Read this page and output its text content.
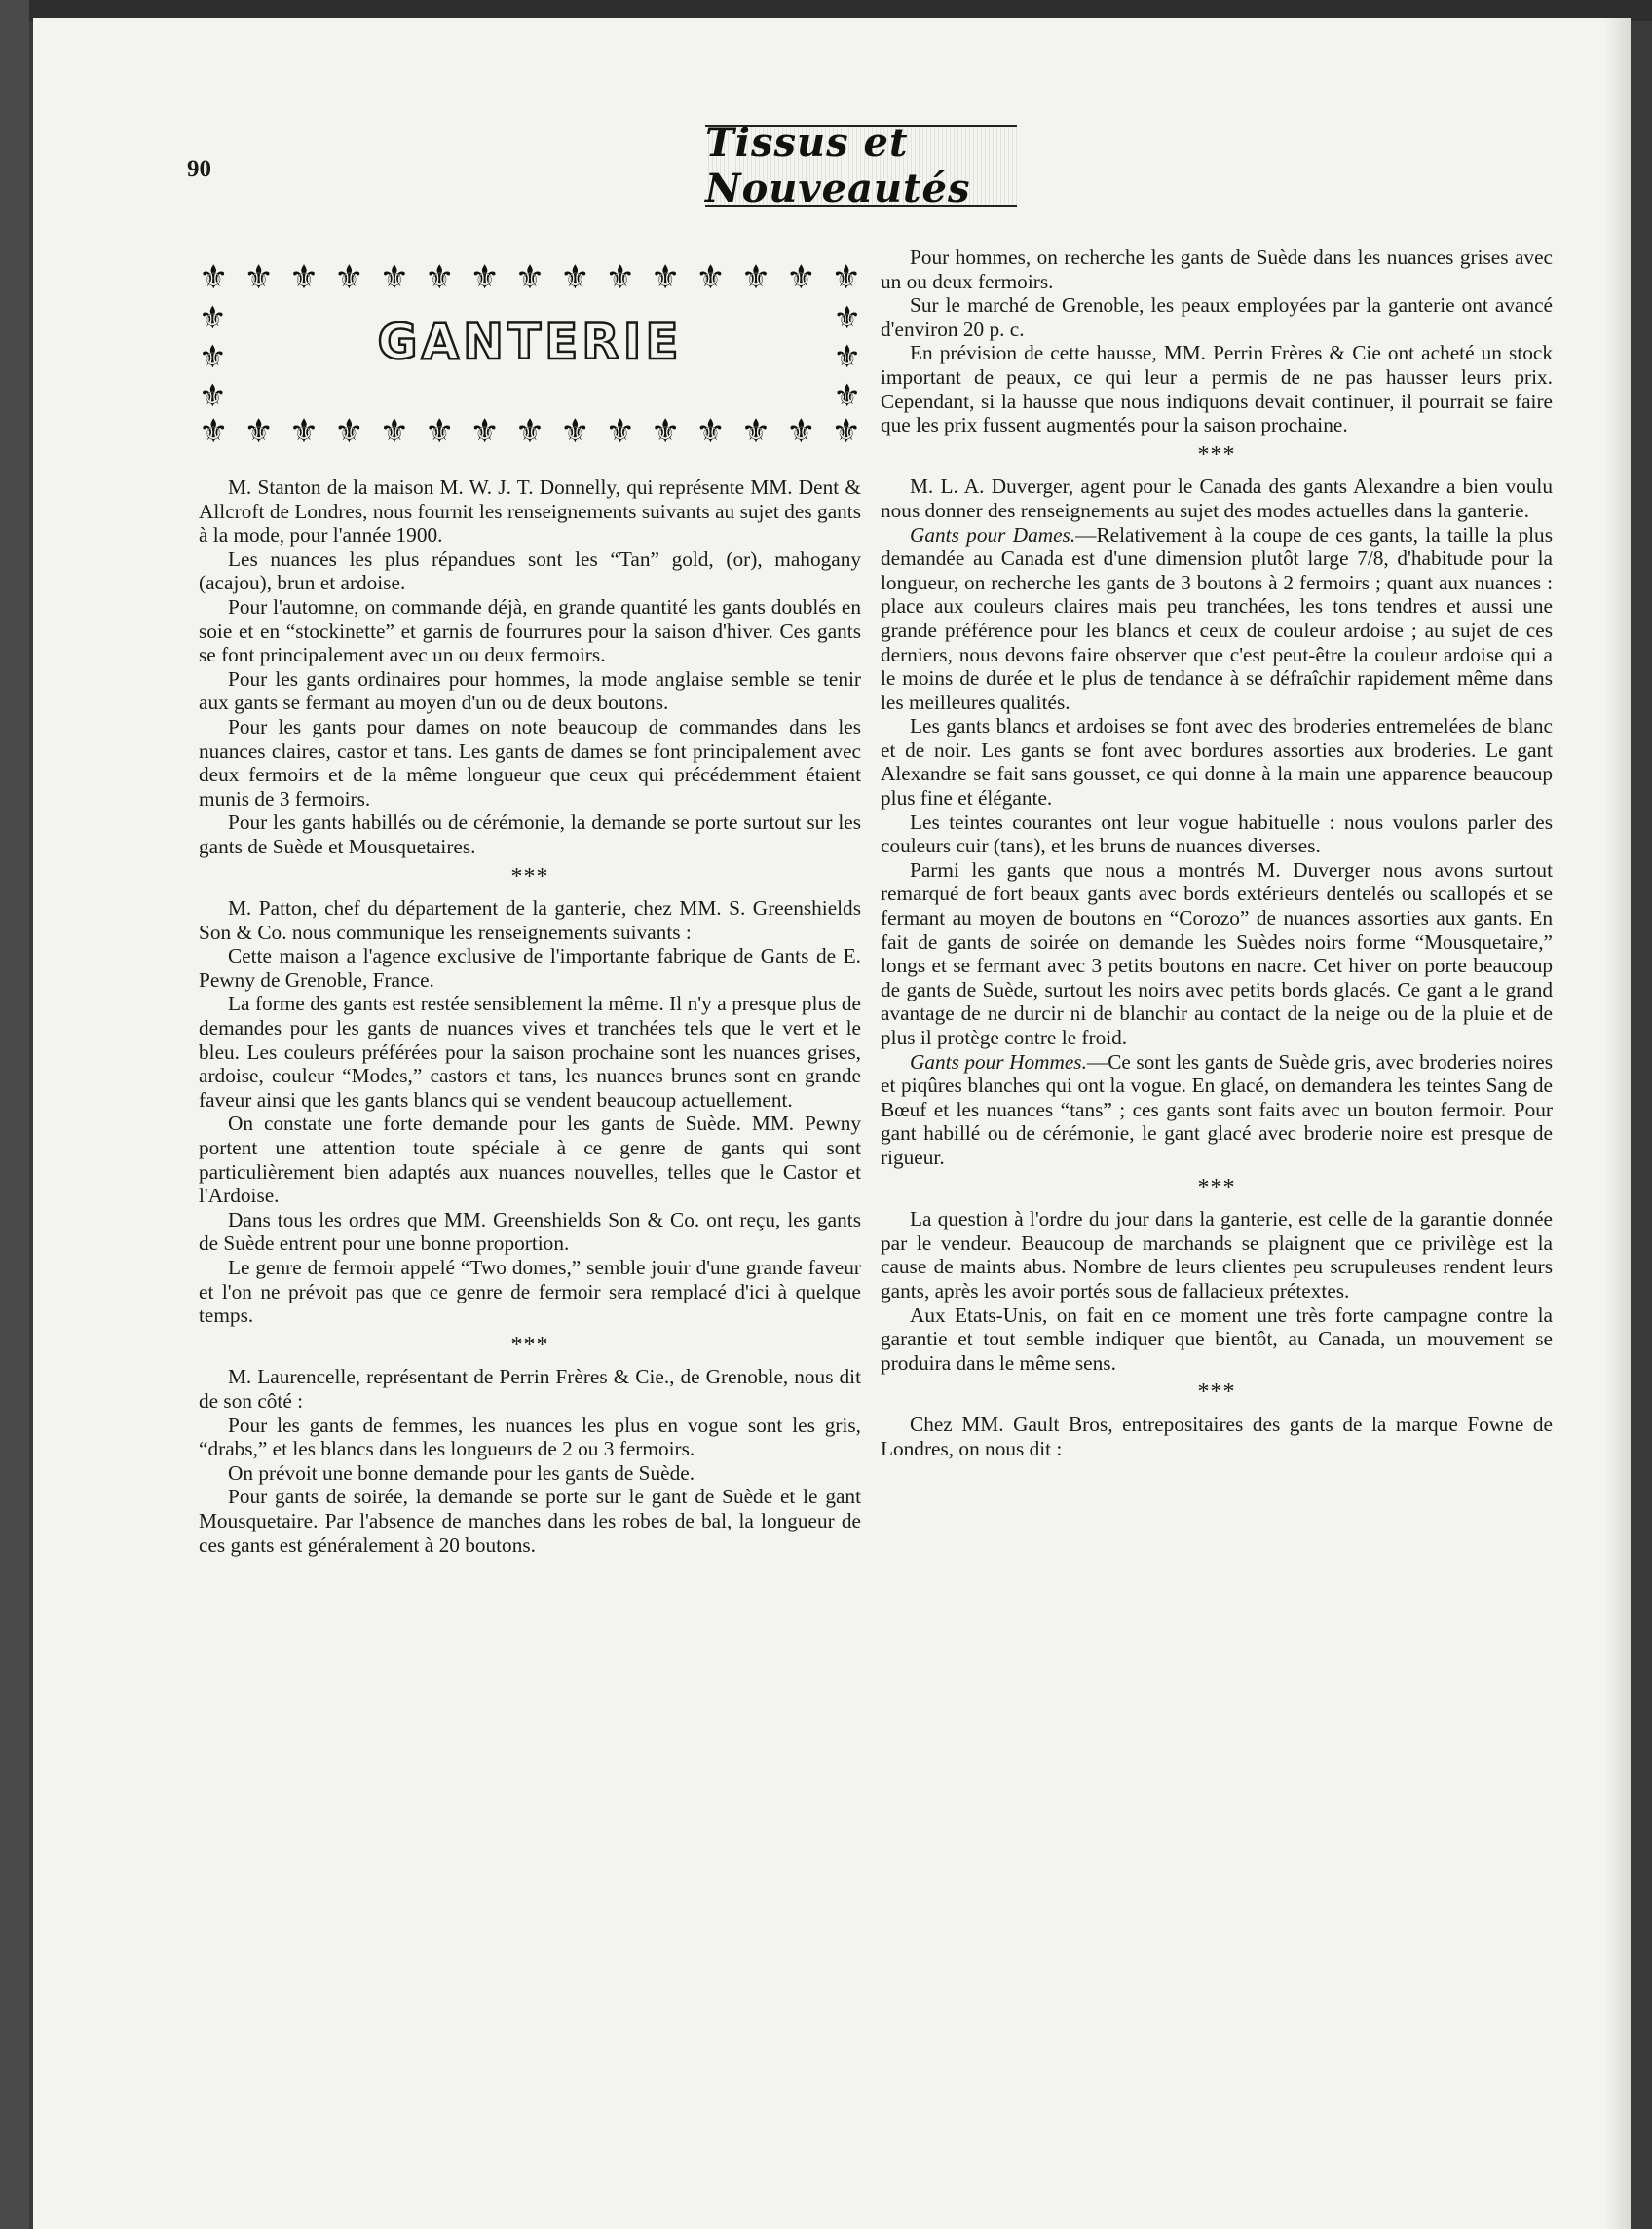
90
Tissus et Nouveautés
⚜ ⚜ ⚜ ⚜ ⚜ ⚜ ⚜ ⚜ ⚜ ⚜ ⚜ ⚜ ⚜ ⚜ ⚜
⚜
⚜
⚜
GANTERIE	⚜
⚜
⚜
⚜ ⚜ ⚜ ⚜ ⚜ ⚜ ⚜ ⚜ ⚜ ⚜ ⚜ ⚜ ⚜ ⚜ ⚜

M. Stanton de la maison M. W. J. T. Donnelly, qui représente MM. Dent & Allcroft de Londres, nous fournit les renseignements suivants au sujet des gants à la mode, pour l'année 1900.

Les nuances les plus répandues sont les “Tan” gold, (or), mahogany (acajou), brun et ardoise.

Pour l'automne, on commande déjà, en grande quantité les gants doublés en soie et en “stockinette” et garnis de fourrures pour la saison d'hiver. Ces gants se font principalement avec un ou deux fermoirs.

Pour les gants ordinaires pour hommes, la mode anglaise semble se tenir aux gants se fermant au moyen d'un ou de deux boutons.

Pour les gants pour dames on note beaucoup de commandes dans les nuances claires, castor et tans. Les gants de dames se font principalement avec deux fermoirs et de la même longueur que ceux qui précédemment étaient munis de 3 fermoirs.

Pour les gants habillés ou de cérémonie, la demande se porte surtout sur les gants de Suède et Mousquetaires.

***

M. Patton, chef du département de la ganterie, chez MM. S. Greenshields Son & Co. nous communique les renseignements suivants :

Cette maison a l'agence exclusive de l'importante fabrique de Gants de E. Pewny de Grenoble, France.

La forme des gants est restée sensiblement la même. Il n'y a presque plus de demandes pour les gants de nuances vives et tranchées tels que le vert et le bleu. Les couleurs préférées pour la saison prochaine sont les nuances grises, ardoise, couleur “Modes,” castors et tans, les nuances brunes sont en grande faveur ainsi que les gants blancs qui se vendent beaucoup actuellement.

On constate une forte demande pour les gants de Suède. MM. Pewny portent une attention toute spéciale à ce genre de gants qui sont particulièrement bien adaptés aux nuances nouvelles, telles que le Castor et l'Ardoise.

Dans tous les ordres que MM. Greenshields Son & Co. ont reçu, les gants de Suède entrent pour une bonne proportion.

Le genre de fermoir appelé “Two domes,” semble jouir d'une grande faveur et l'on ne prévoit pas que ce genre de fermoir sera remplacé d'ici à quelque temps.

***

M. Laurencelle, représentant de Perrin Frères & Cie., de Grenoble, nous dit de son côté :

Pour les gants de femmes, les nuances les plus en vogue sont les gris, “drabs,” et les blancs dans les longueurs de 2 ou 3 fermoirs.

On prévoit une bonne demande pour les gants de Suède.

Pour gants de soirée, la demande se porte sur le gant de Suède et le gant Mousquetaire. Par l'absence de manches dans les robes de bal, la longueur de ces gants est généralement à 20 boutons.

Pour hommes, on recherche les gants de Suède dans les nuances grises avec un ou deux fermoirs.

Sur le marché de Grenoble, les peaux employées par la ganterie ont avancé d'environ 20 p. c.

En prévision de cette hausse, MM. Perrin Frères & Cie ont acheté un stock important de peaux, ce qui leur a permis de ne pas hausser leurs prix. Cependant, si la hausse que nous indiquons devait continuer, il pourrait se faire que les prix fussent augmentés pour la saison prochaine.

***

M. L. A. Duverger, agent pour le Canada des gants Alexandre a bien voulu nous donner des renseignements au sujet des modes actuelles dans la ganterie.

Gants pour Dames.—Relativement à la coupe de ces gants, la taille la plus demandée au Canada est d'une dimension plutôt large 7/8, d'habitude pour la longueur, on recherche les gants de 3 boutons à 2 fermoirs ; quant aux nuances : place aux couleurs claires mais peu tranchées, les tons tendres et aussi une grande préférence pour les blancs et ceux de couleur ardoise ; au sujet de ces derniers, nous devons faire observer que c'est peut-être la couleur ardoise qui a le moins de durée et le plus de tendance à se défraîchir rapidement même dans les meilleures qualités.

Les gants blancs et ardoises se font avec des broderies entremelées de blanc et de noir. Les gants se font avec bordures assorties aux broderies. Le gant Alexandre se fait sans gousset, ce qui donne à la main une apparence beaucoup plus fine et élégante.

Les teintes courantes ont leur vogue habituelle : nous voulons parler des couleurs cuir (tans), et les bruns de nuances diverses.

Parmi les gants que nous a montrés M. Duverger nous avons surtout remarqué de fort beaux gants avec bords extérieurs dentelés ou scallopés et se fermant au moyen de boutons en “Corozo” de nuances assorties aux gants. En fait de gants de soirée on demande les Suèdes noirs forme “Mousquetaire,” longs et se fermant avec 3 petits boutons en nacre. Cet hiver on porte beaucoup de gants de Suède, surtout les noirs avec petits bords glacés. Ce gant a le grand avantage de ne durcir ni de blanchir au contact de la neige ou de la pluie et de plus il protège contre le froid.

Gants pour Hommes.—Ce sont les gants de Suède gris, avec broderies noires et piqûres blanches qui ont la vogue. En glacé, on demandera les teintes Sang de Bœuf et les nuances “tans” ; ces gants sont faits avec un bouton fermoir. Pour gant habillé ou de cérémonie, le gant glacé avec broderie noire est presque de rigueur.

***

La question à l'ordre du jour dans la ganterie, est celle de la garantie donnée par le vendeur. Beaucoup de marchands se plaignent que ce privilège est la cause de maints abus. Nombre de leurs clientes peu scrupuleuses rendent leurs gants, après les avoir portés sous de fallacieux prétextes.

Aux Etats-Unis, on fait en ce moment une très forte campagne contre la garantie et tout semble indiquer que bientôt, au Canada, un mouvement se produira dans le même sens.

***

Chez MM. Gault Bros, entrepositaires des gants de la marque Fowne de Londres, on nous dit :
